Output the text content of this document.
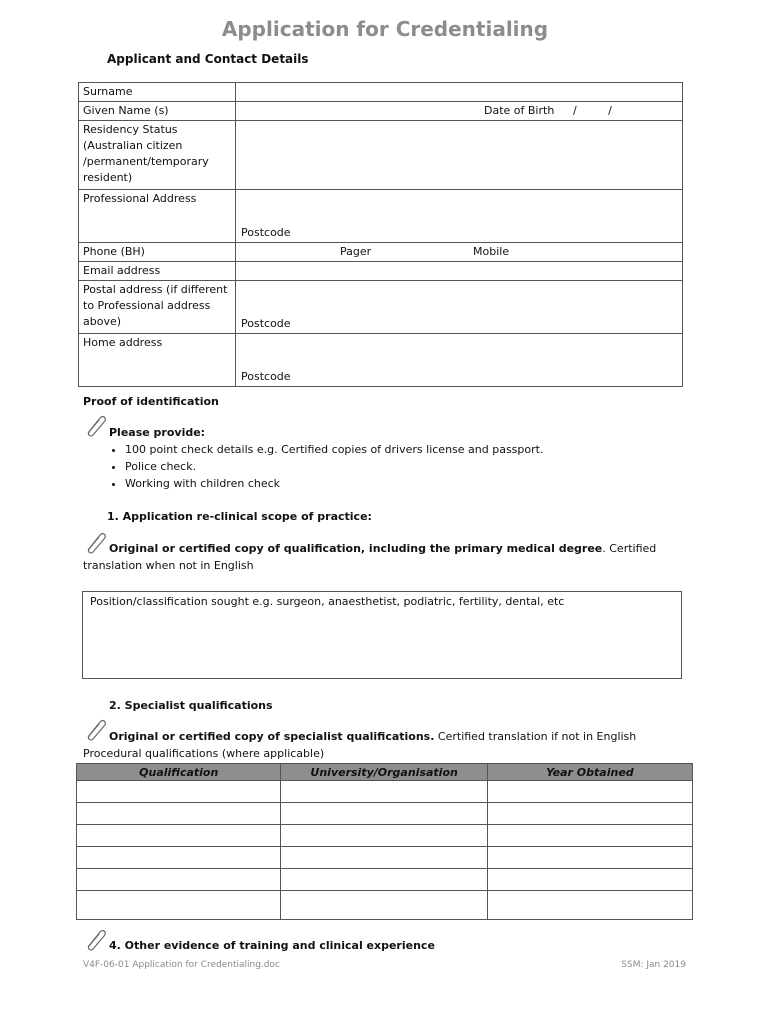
Application for Credentialing
Applicant and Contact Details
Surname	
Given Name (s)	Date of Birth /         /

Residency Status (Australian citizen /permanent/temporary resident)	
Professional Address	Postcode

Phone (BH)	Pager Mobile

Email address	
Postal address (if different to Professional address above)	Postcode

Home address	Postcode
Proof of identification
Please provide:
• 100 point check details e.g. Certified copies of drivers license and passport.
• Police check.
• Working with children check
1. Application re-clinical scope of practice:
Original or certified copy of qualification, including the primary medical degree. Certified
translation when not in English
Position/classification sought e.g. surgeon, anaesthetist, podiatric, fertility, dental, etc
2. Specialist qualifications
Original or certified copy of specialist qualifications. Certified translation if not in English
Procedural qualifications (where applicable)
Qualification	University/Organisation	Year Obtained

4. Other evidence of training and clinical experience
V4F-06-01 Application for Credentialing.doc	SSM: Jan 2019
